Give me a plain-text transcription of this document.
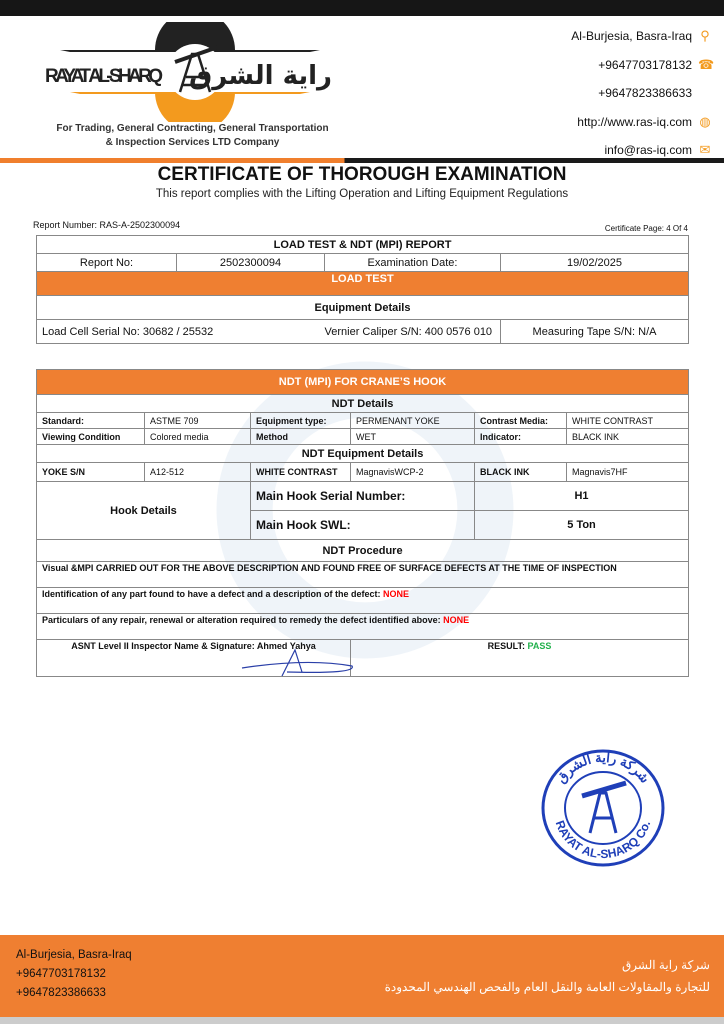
RAYAT AL-SHARQ راية الشرق
For Trading, General Contracting, General Transportation
& Inspection Services LTD Company
Al-Burjesia, Basra-Iraq ⚲
+9647703178132 ☎
+9647823386633
http://www.ras-iq.com ◍
info@ras-iq.com ✉
CERTIFICATE OF THOROUGH EXAMINATION
This report complies with the Lifting Operation and Lifting Equipment Regulations
Report Number: RAS-A-2502300094	Certificate Page: 4 Of 4
LOAD TEST & NDT (MPI) REPORT			
Report No:	2502300094	Examination Date:	19/02/2025
LOAD TEST			
Equipment Details			
Load Cell Serial No: 30682 / 25532		Vernier Caliper S/N: 400 0576 010	Measuring Tape S/N: N/A
NDT (MPI) FOR CRANE’S HOOK					
NDT Details					
Standard:	ASTME 709	Equipment type:	PERMENANT YOKE	Contrast Media:	WHITE CONTRAST
Viewing Condition	Colored media	Method	WET	Indicator:	BLACK INK
NDT Equipment Details					
YOKE S/N	A12-512	WHITE CONTRAST	MagnavisWCP-2	BLACK INK	Magnavis7HF
Hook Details		Main Hook Serial Number:		H1	
		Main Hook SWL:		5 Ton	
NDT Procedure					
Visual &MPI CARRIED OUT FOR THE ABOVE DESCRIPTION AND FOUND FREE OF SURFACE DEFECTS AT THE TIME OF INSPECTION					
Identification of any part found to have a defect and a description of the defect: NONE					
Particulars of any repair, renewal or alteration required to remedy the defect identified above: NONE					
ASNT Level II Inspector Name & Signature: Ahmed Yahya			RESULT: PASS		
شركة راية الشرق
RAYAT AL-SHARQ Co.
Al-Burjesia, Basra-Iraq
+9647703178132
+9647823386633
شركة راية الشرق
للتجارة والمقاولات العامة والنقل العام والفحص الهندسي المحدودة
